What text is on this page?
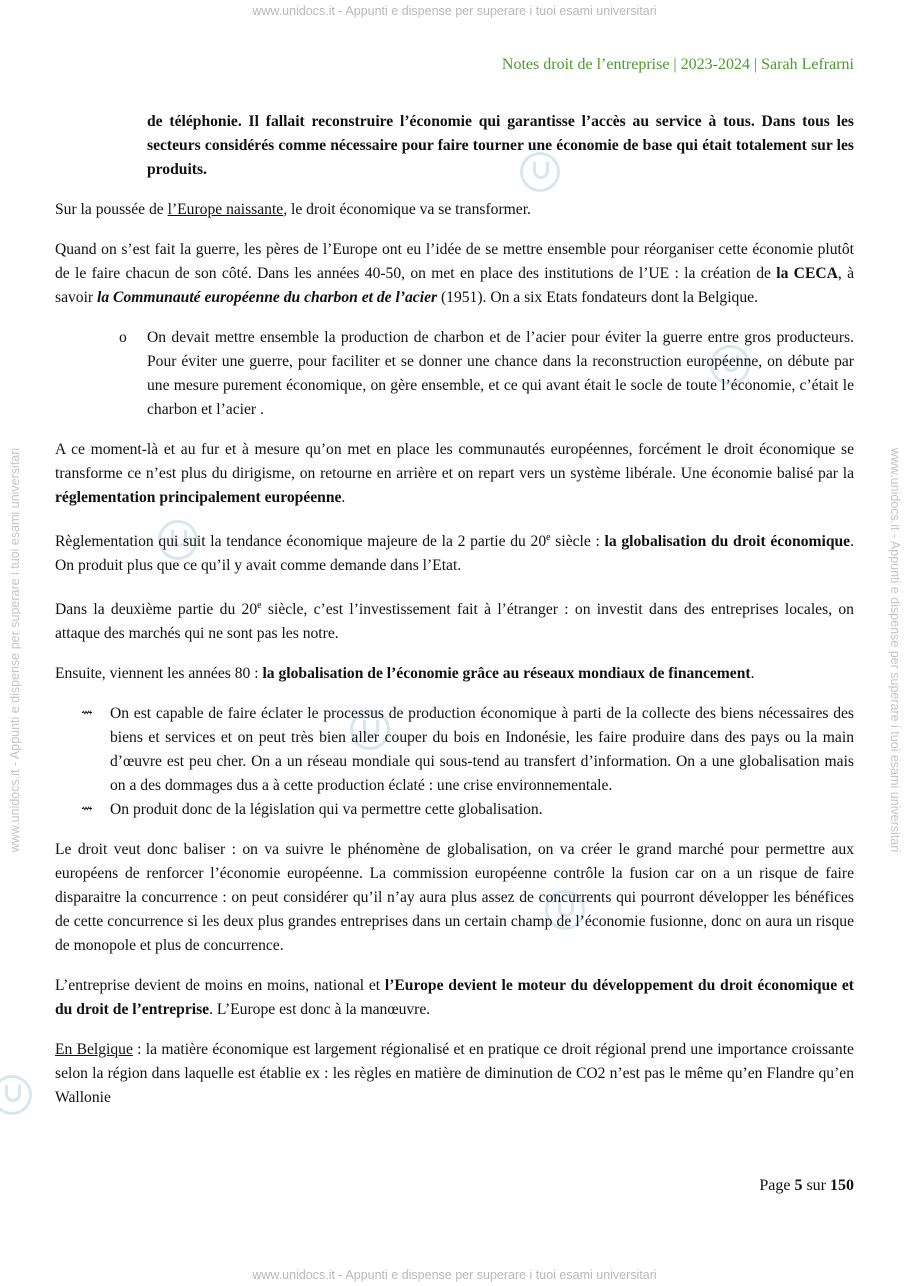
www.unidocs.it - Appunti e dispense per superare i tuoi esami universitari
www.unidocs.it - Appunti e dispense per superare i tuoi esami universitari
www.unidocs.it - Appunti e dispense per superare i tuoi esami universitari	www.unidocs.it - Appunti e dispense per superare i tuoi esami universitari
Notes droit de l’entreprise | 2023-2024 | Sarah Lefrarni

de téléphonie. Il fallait reconstruire l’économie qui garantisse l’accès au service à tous. Dans tous les secteurs considérés comme nécessaire pour faire tourner une économie de base qui était totalement sur les produits.

Sur la poussée de l’Europe naissante, le droit économique va se transformer.

Quand on s’est fait la guerre, les pères de l’Europe ont eu l’idée de se mettre ensemble pour réorganiser cette économie plutôt de le faire chacun de son côté. Dans les années 40-50, on met en place des institutions de l’UE : la création de la CECA, à savoir la Communauté européenne du charbon et de l’acier (1951). On a six Etats fondateurs dont la Belgique.

o On devait mettre ensemble la production de charbon et de l’acier pour éviter la guerre entre gros producteurs. Pour éviter une guerre, pour faciliter et se donner une chance dans la reconstruction européenne, on débute par une mesure purement économique, on gère ensemble, et ce qui avant était le socle de toute l’économie, c’était le charbon et l’acier .

A ce moment-là et au fur et à mesure qu’on met en place les communautés européennes, forcément le droit économique se transforme ce n’est plus du dirigisme, on retourne en arrière et on repart vers un système libérale. Une économie balisé par la réglementation principalement européenne.

Règlementation qui suit la tendance économique majeure de la 2 partie du 20e siècle : la globalisation du droit économique. On produit plus que ce qu’il y avait comme demande dans l’Etat.

Dans la deuxième partie du 20e siècle, c’est l’investissement fait à l’étranger : on investit dans des entreprises locales, on attaque des marchés qui ne sont pas les notre.

Ensuite, viennent les années 80 : la globalisation de l’économie grâce au réseaux mondiaux de financement.

⇝ On est capable de faire éclater le processus de production économique à parti de la collecte des biens nécessaires des biens et services et on peut très bien aller couper du bois en Indonésie, les faire produire dans des pays ou la main d’œuvre est peu cher. On a un réseau mondiale qui sous-tend au transfert d’information. On a une globalisation mais on a des dommages dus a à cette production éclaté : une crise environnementale.

⇝ On produit donc de la législation qui va permettre cette globalisation.

Le droit veut donc baliser : on va suivre le phénomène de globalisation, on va créer le grand marché pour permettre aux européens de renforcer l’économie européenne. La commission européenne contrôle la fusion car on a un risque de faire disparaitre la concurrence : on peut considérer qu’il n’ay aura plus assez de concurrents qui pourront développer les bénéfices de cette concurrence si les deux plus grandes entreprises dans un certain champ de l’économie fusionne, donc on aura un risque de monopole et plus de concurrence.

L’entreprise devient de moins en moins, national et l’Europe devient le moteur du développement du droit économique et du droit de l’entreprise. L’Europe est donc à la manœuvre.

En Belgique : la matière économique est largement régionalisé et en pratique ce droit régional prend une importance croissante selon la région dans laquelle est établie ex : les règles en matière de diminution de CO2 n’est pas le même qu’en Flandre qu’en Wallonie

Page 5 sur 150
